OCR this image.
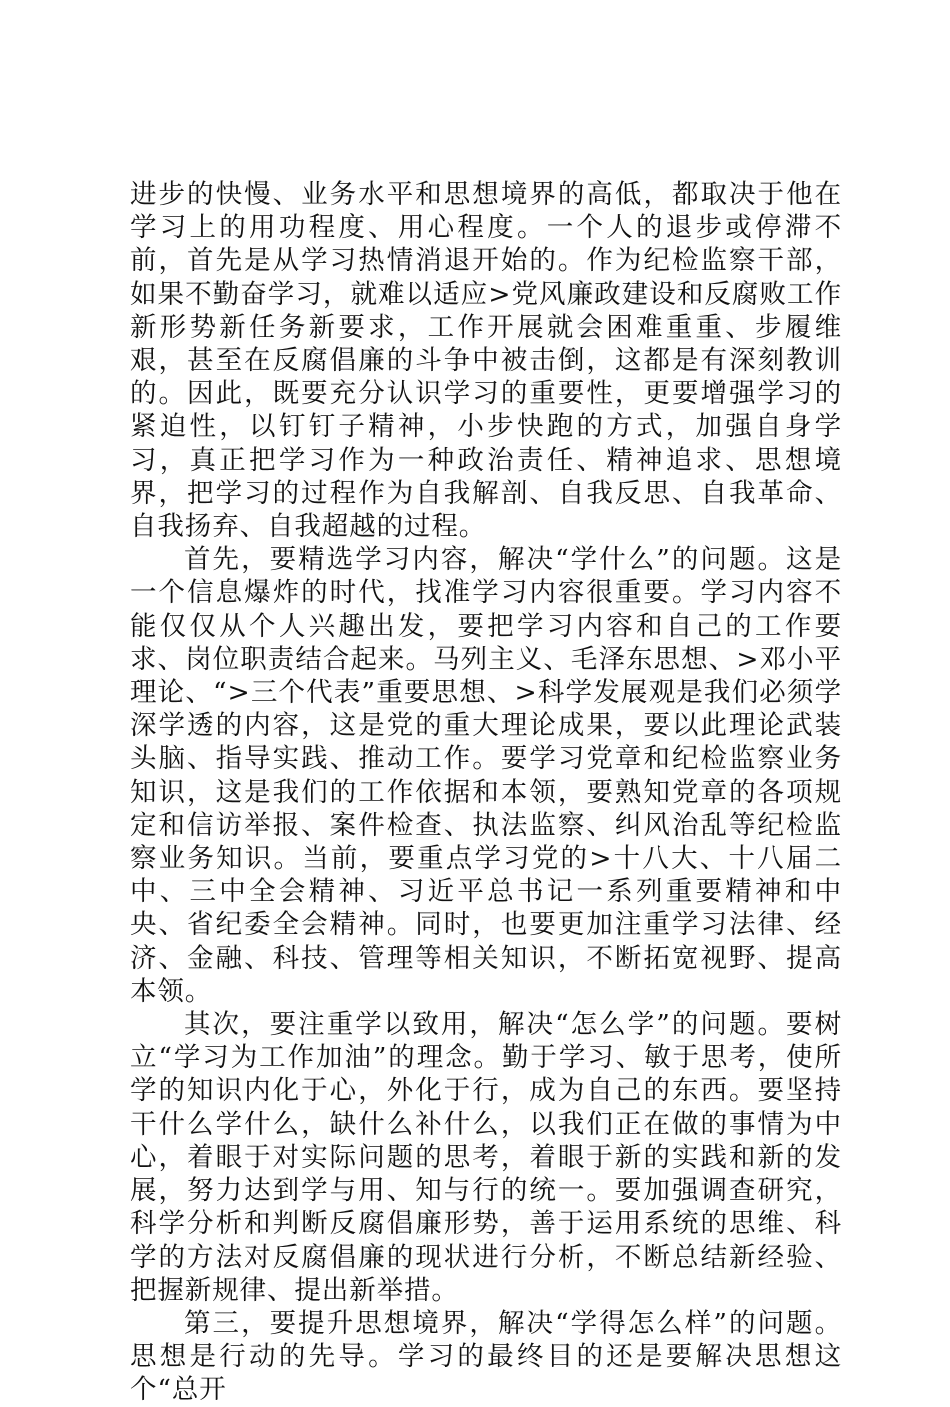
进步的快慢、业务水平和思想境界的高低，都取决于他在学习上的用功程度、用心程度。一个人的退步或停滞不前，首先是从学习热情消退开始的。作为纪检监察干部，如果不勤奋学习，就难以适应>党风廉政建设和反腐败工作新形势新任务新要求，工作开展就会困难重重、步履维艰，甚至在反腐倡廉的斗争中被击倒，这都是有深刻教训的。因此，既要充分认识学习的重要性，更要增强学习的紧迫性，以钉钉子精神，小步快跑的方式，加强自身学习，真正把学习作为一种政治责任、精神追求、思想境界，把学习的过程作为自我解剖、自我反思、自我革命、自我扬弃、自我超越的过程。

首先，要精选学习内容，解决“学什么”的问题。这是一个信息爆炸的时代，找准学习内容很重要。学习内容不能仅仅从个人兴趣出发，要把学习内容和自己的工作要求、岗位职责结合起来。马列主义、毛泽东思想、>邓小平理论、“>三个代表”重要思想、>科学发展观是我们必须学深学透的内容，这是党的重大理论成果，要以此理论武装头脑、指导实践、推动工作。要学习党章和纪检监察业务知识，这是我们的工作依据和本领，要熟知党章的各项规定和信访举报、案件检查、执法监察、纠风治乱等纪检监察业务知识。当前，要重点学习党的>十八大、十八届二中、三中全会精神、习近平总书记一系列重要精神和中央、省纪委全会精神。同时，也要更加注重学习法律、经济、金融、科技、管理等相关知识，不断拓宽视野、提高本领。

其次，要注重学以致用，解决“怎么学”的问题。要树立“学习为工作加油”的理念。勤于学习、敏于思考，使所学的知识内化于心，外化于行，成为自己的东西。要坚持干什么学什么，缺什么补什么，以我们正在做的事情为中心，着眼于对实际问题的思考，着眼于新的实践和新的发展，努力达到学与用、知与行的统一。要加强调查研究，科学分析和判断反腐倡廉形势，善于运用系统的思维、科学的方法对反腐倡廉的现状进行分析，不断总结新经验、把握新规律、提出新举措。

第三，要提升思想境界，解决“学得怎么样”的问题。思想是行动的先导。学习的最终目的还是要解决思想这个“总开
